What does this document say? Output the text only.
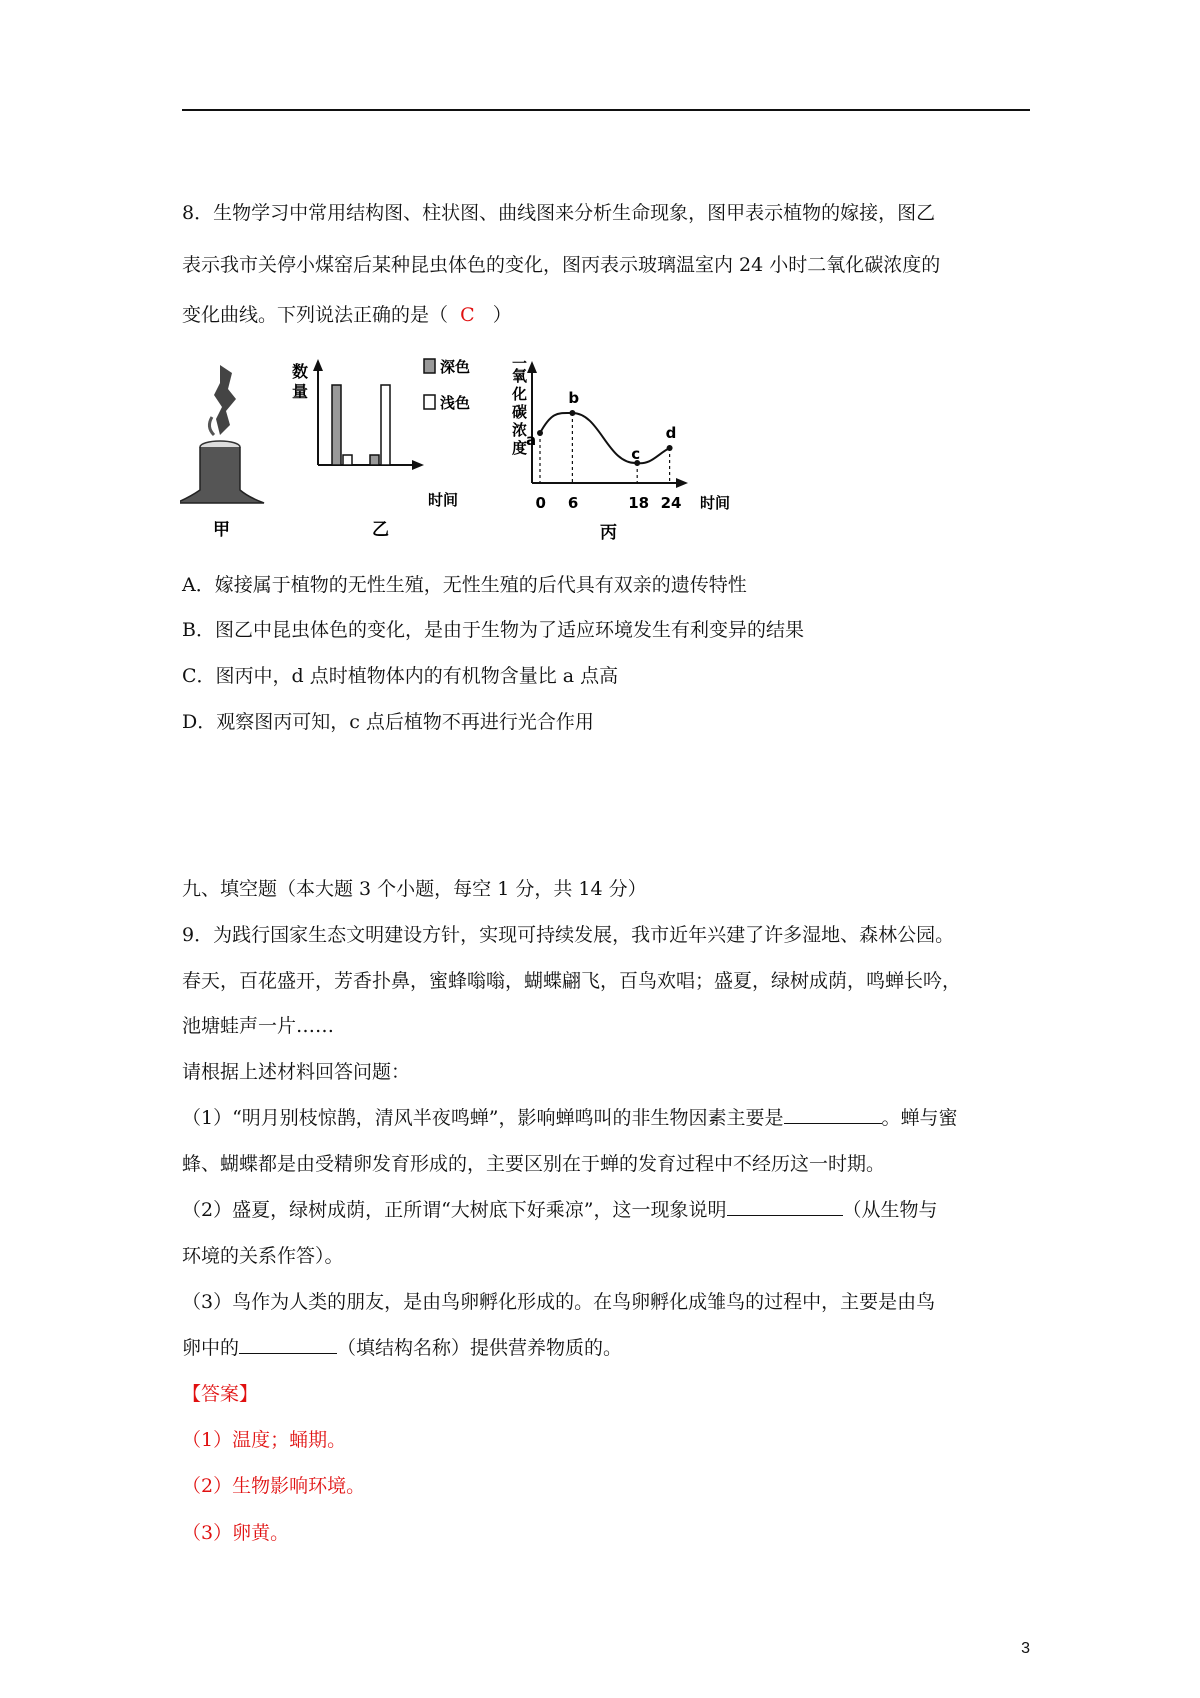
8．生物学习中常用结构图、柱状图、曲线图来分析生命现象，图甲表示植物的嫁接，图乙
表示我市关停小煤窑后某种昆虫体色的变化，图丙表示玻璃温室内 24 小时二氧化碳浓度的
变化曲线。下列说法正确的是（ C ）
甲
数
量
时间
深色
浅色
乙
二
氧
化
碳
浓
度
a
0
b
6
c
18
d
24 时间
丙
A．嫁接属于植物的无性生殖，无性生殖的后代具有双亲的遗传特性
B．图乙中昆虫体色的变化，是由于生物为了适应环境发生有利变异的结果
C．图丙中，d 点时植物体内的有机物含量比 a 点高
D．观察图丙可知，c 点后植物不再进行光合作用
九、填空题（本大题 3 个小题，每空 1 分，共 14 分）
9．为践行国家生态文明建设方针，实现可持续发展，我市近年兴建了许多湿地、森林公园。
春天，百花盛开，芳香扑鼻，蜜蜂嗡嗡，蝴蝶翩飞，百鸟欢唱；盛夏，绿树成荫，鸣蝉长吟，
池塘蛙声一片……
请根据上述材料回答问题：
（1）“明月别枝惊鹊，清风半夜鸣蝉”，影响蝉鸣叫的非生物因素主要是	。蝉与蜜
蜂、蝴蝶都是由受精卵发育形成的，主要区别在于蝉的发育过程中不经历这一时期。
（2）盛夏，绿树成荫，正所谓“大树底下好乘凉”，这一现象说明	（从生物与
环境的关系作答）。
（3）鸟作为人类的朋友，是由鸟卵孵化形成的。在鸟卵孵化成雏鸟的过程中，主要是由鸟
卵中的	（填结构名称）提供营养物质的。
【答案】
（1）温度；蛹期。
（2）生物影响环境。
（3）卵黄。
3
